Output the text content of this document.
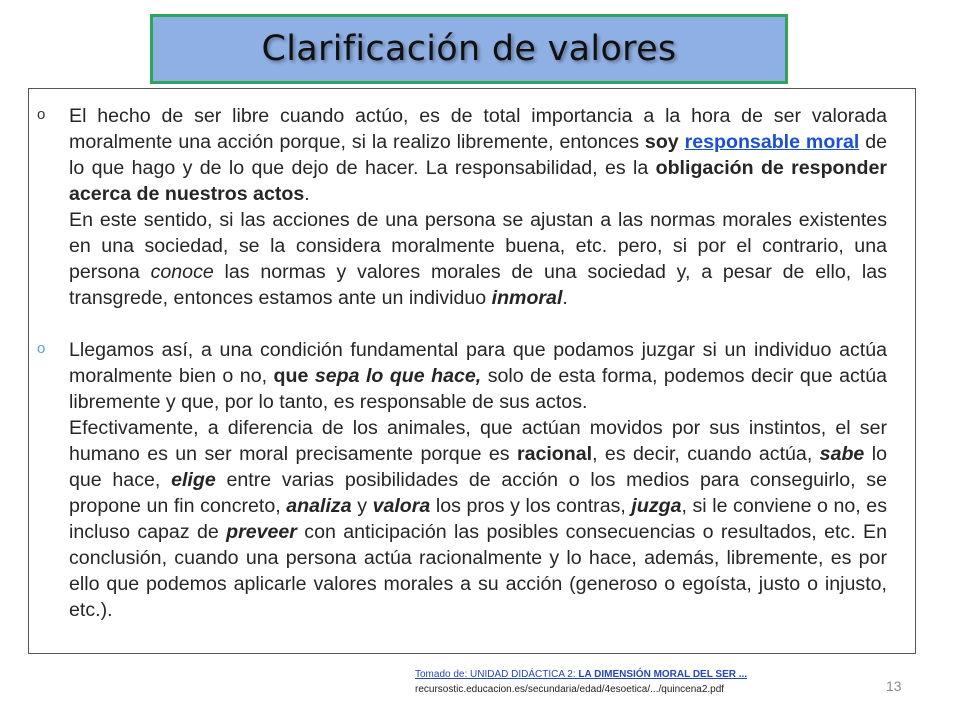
Clarificación de valores
o El hecho de ser libre cuando actúo, es de total importancia a la hora de ser valorada moralmente una acción porque, si la realizo libremente, entonces soy responsable moral de lo que hago y de lo que dejo de hacer. La responsabilidad, es la obligación de responder acerca de nuestros actos.
En este sentido, si las acciones de una persona se ajustan a las normas morales existentes en una sociedad, se la considera moralmente buena, etc. pero, si por el contrario, una persona conoce las normas y valores morales de una sociedad y, a pesar de ello, las transgrede, entonces estamos ante un individuo inmoral.
o Llegamos así, a una condición fundamental para que podamos juzgar si un individuo actúa moralmente bien o no, que sepa lo que hace, solo de esta forma, podemos decir que actúa libremente y que, por lo tanto, es responsable de sus actos.
Efectivamente, a diferencia de los animales, que actúan movidos por sus instintos, el ser humano es un ser moral precisamente porque es racional, es decir, cuando actúa, sabe lo que hace, elige entre varias posibilidades de acción o los medios para conseguirlo, se propone un fin concreto, analiza y valora los pros y los contras, juzga, si le conviene o no, es incluso capaz de preveer con anticipación las posibles consecuencias o resultados, etc. En conclusión, cuando una persona actúa racionalmente y lo hace, además, libremente, es por ello que podemos aplicarle valores morales a su acción (generoso o egoísta, justo o injusto, etc.).
Tomado de: UNIDAD DIDÁCTICA 2: LA DIMENSIÓN MORAL DEL SER ...
recursostic.educacion.es/secundaria/edad/4esoetica/.../quincena2.pdf	13
